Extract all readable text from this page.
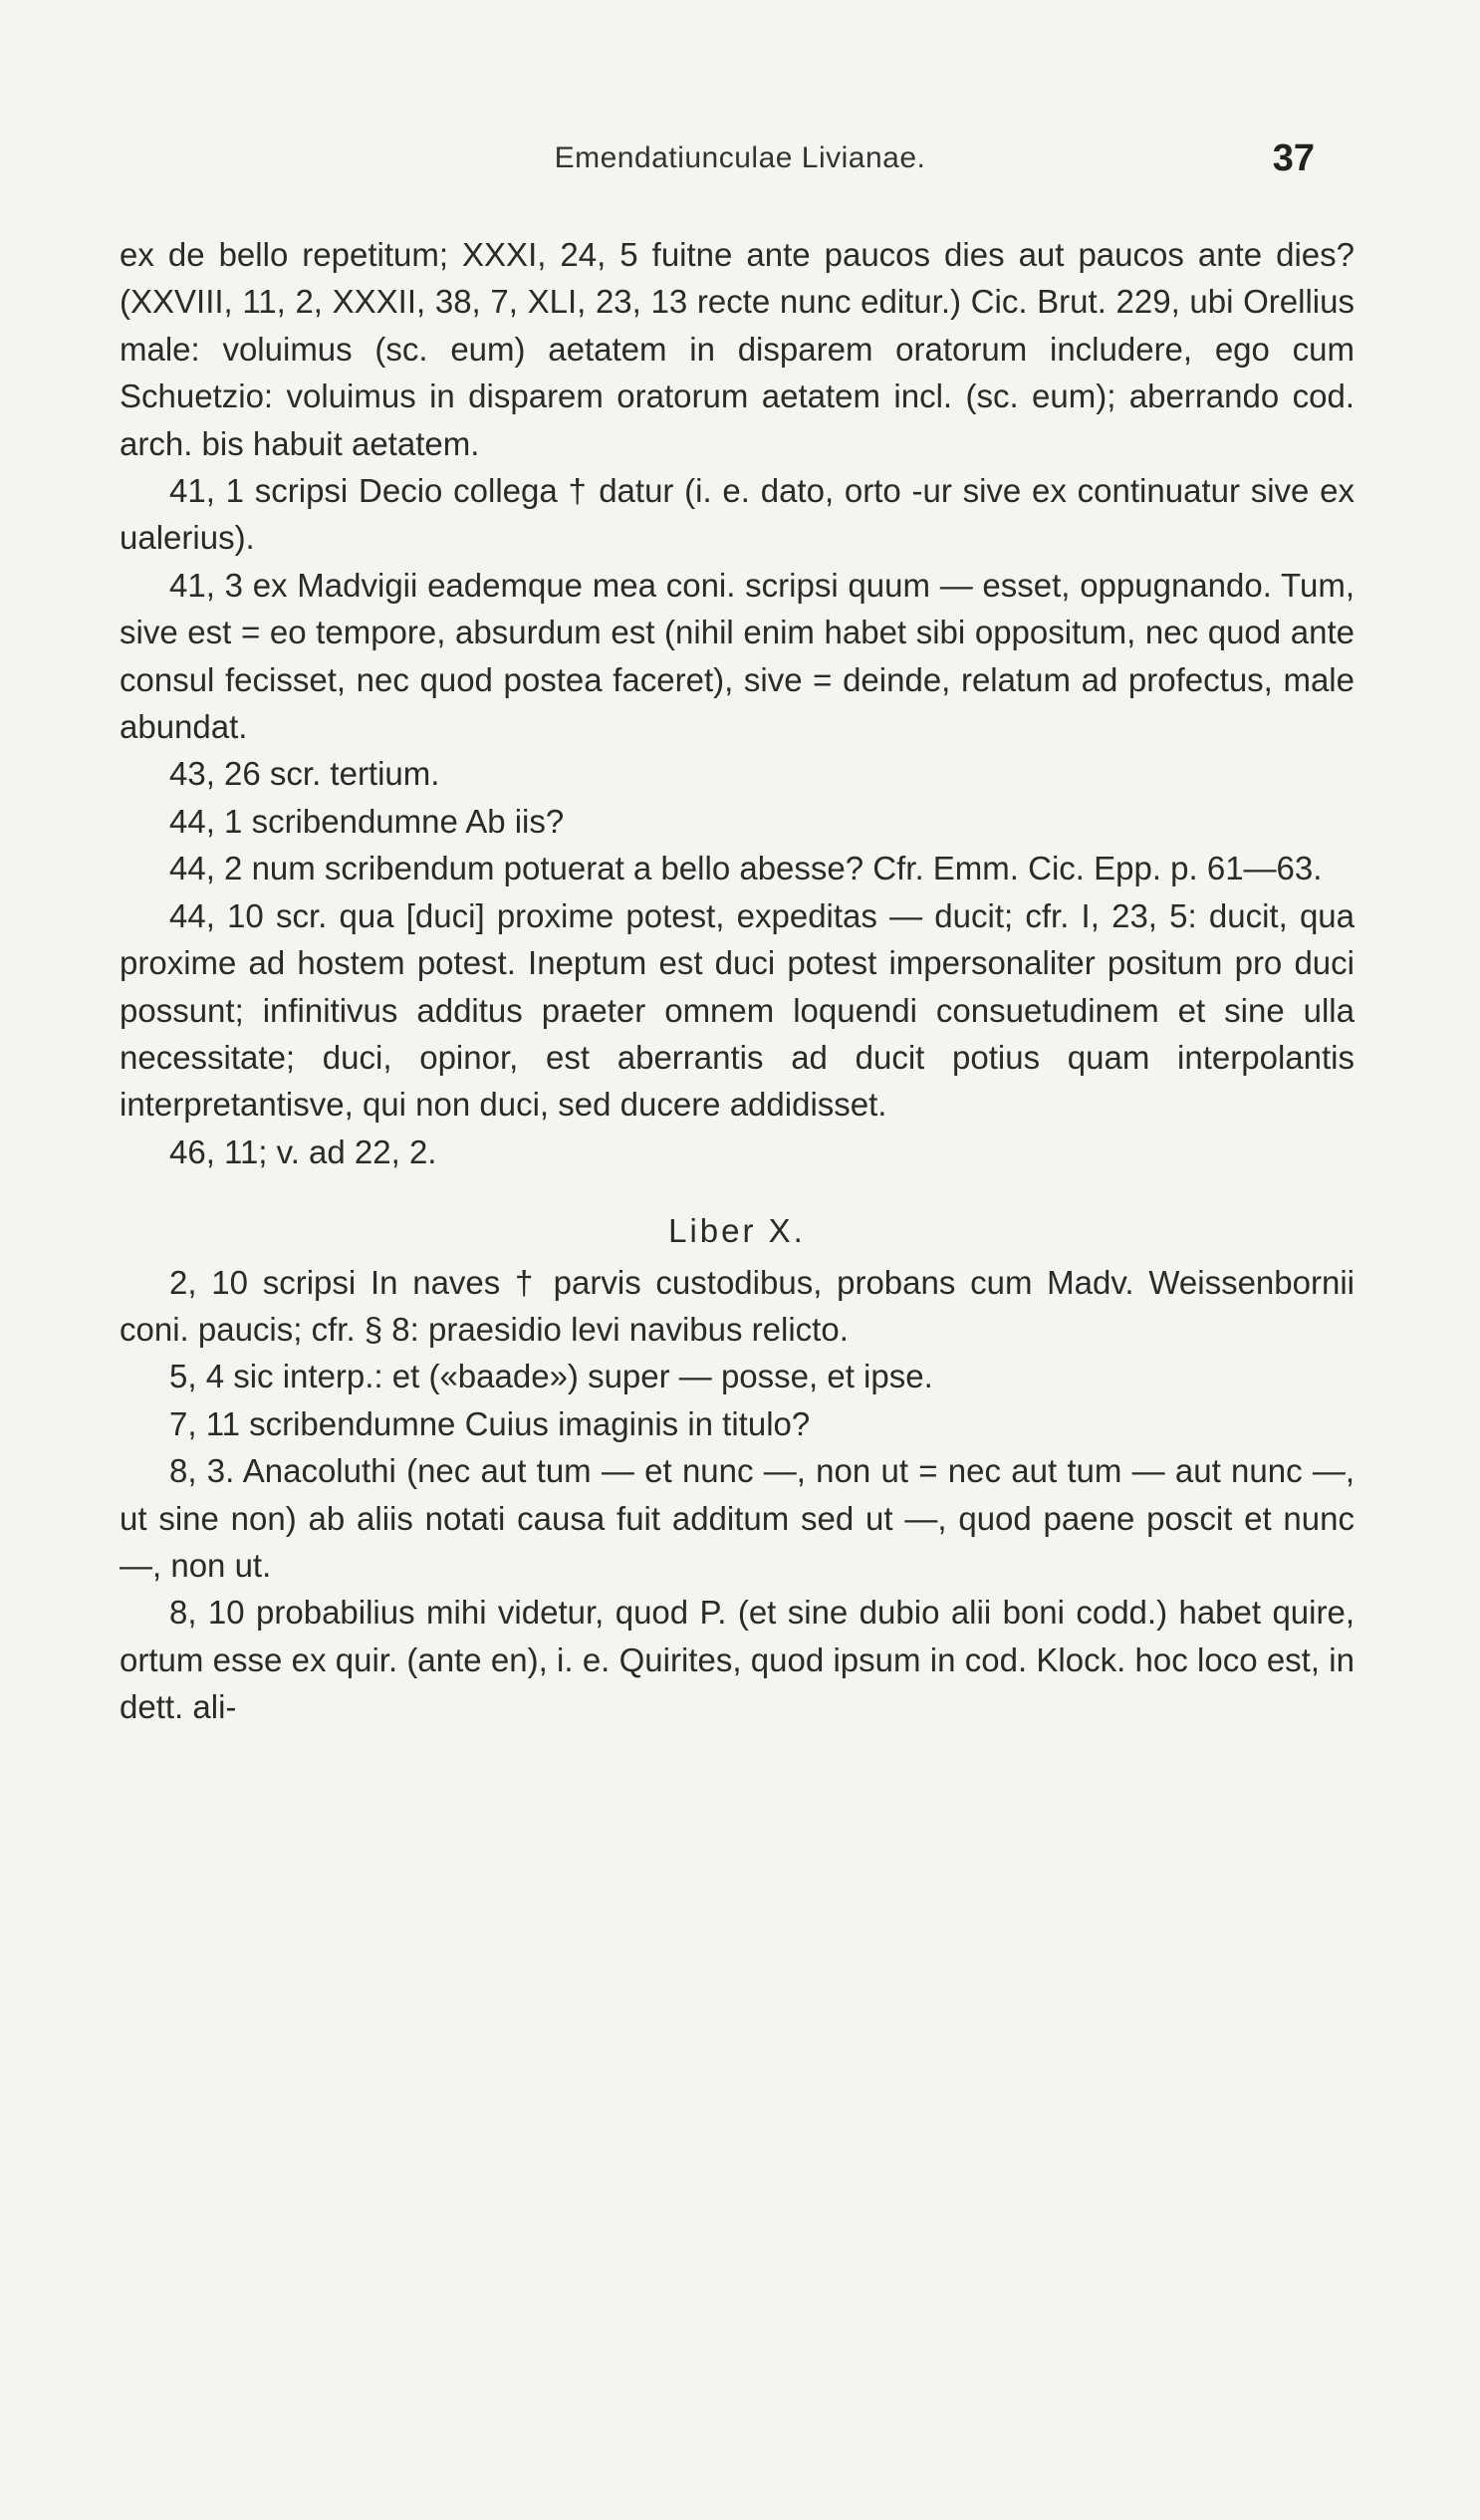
Emendatiunculae Livianae.	37

ex de bello repetitum; XXXI, 24, 5 fuitne ante paucos dies aut paucos ante dies? (XXVIII, 11, 2, XXXII, 38, 7, XLI, 23, 13 recte nunc editur.) Cic. Brut. 229, ubi Orellius male: voluimus (sc. eum) aetatem in disparem oratorum includere, ego cum Schuetzio: voluimus in disparem oratorum aetatem incl. (sc. eum); aberrando cod. arch. bis habuit aetatem.

41, 1 scripsi Decio collega † datur (i. e. dato, orto -ur sive ex continuatur sive ex ualerius).

41, 3 ex Madvigii eademque mea coni. scripsi quum — esset, oppugnando. Tum, sive est = eo tempore, absurdum est (nihil enim habet sibi oppositum, nec quod ante consul fecisset, nec quod postea faceret), sive = deinde, relatum ad profectus, male abundat.

43, 26 scr. tertium.

44, 1 scribendumne Ab iis?

44, 2 num scribendum potuerat a bello abesse? Cfr. Emm. Cic. Epp. p. 61—63.

44, 10 scr. qua [duci] proxime potest, expeditas — ducit; cfr. I, 23, 5: ducit, qua proxime ad hostem potest. Ineptum est duci potest impersonaliter positum pro duci possunt; infinitivus additus praeter omnem loquendi consuetudinem et sine ulla necessitate; duci, opinor, est aberrantis ad ducit potius quam interpolantis interpretantisve, qui non duci, sed ducere addidisset.

46, 11; v. ad 22, 2.

Liber X.

2, 10 scripsi In naves † parvis custodibus, probans cum Madv. Weissenbornii coni. paucis; cfr. § 8: praesidio levi navibus relicto.

5, 4 sic interp.: et («baade») super — posse, et ipse.

7, 11 scribendumne Cuius imaginis in titulo?

8, 3. Anacoluthi (nec aut tum — et nunc —, non ut = nec aut tum — aut nunc —, ut sine non) ab aliis notati causa fuit additum sed ut —, quod paene poscit et nunc —, non ut.

8, 10 probabilius mihi videtur, quod P. (et sine dubio alii boni codd.) habet quire, ortum esse ex quir. (ante en), i. e. Quirites, quod ipsum in cod. Klock. hoc loco est, in dett. ali-
